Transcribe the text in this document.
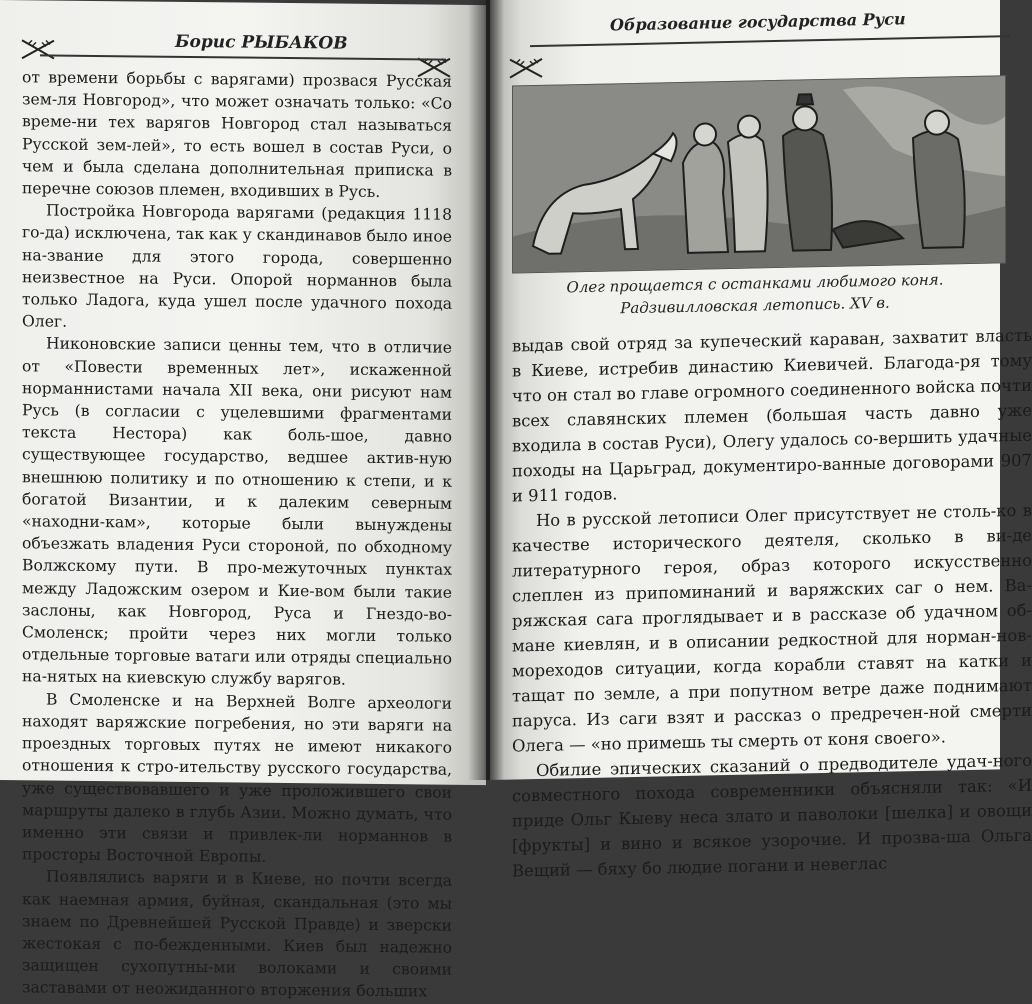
Борис РЫБАКОВ

от времени борьбы с варягами) прозвася Русская зем-ля Новгород», что может означать только: «Со време-ни тех варягов Новгород стал называться Русской зем-лей», то есть вошел в состав Руси, о чем и была сделана дополнительная приписка в перечне союзов племен, входивших в Русь.

Постройка Новгорода варягами (редакция 1118 го-да) исключена, так как у скандинавов было иное на-звание для этого города, совершенно неизвестное на Руси. Опорой норманнов была только Ладога, куда ушел после удачного похода Олег.

Никоновские записи ценны тем, что в отличие от «Повести временных лет», искаженной норманнистами начала XII века, они рисуют нам Русь (в согласии с уцелевшими фрагментами текста Нестора) как боль-шое, давно существующее государство, ведшее актив-ную внешнюю политику и по отношению к степи, и к богатой Византии, и к далеким северным «находни-кам», которые были вынуждены объезжать владения Руси стороной, по обходному Волжскому пути. В про-межуточных пунктах между Ладожским озером и Кие-вом были такие заслоны, как Новгород, Руса и Гнездо-во-Смоленск; пройти через них могли только отдельные торговые ватаги или отряды специально на-нятых на киевскую службу варягов.

В Смоленске и на Верхней Волге археологи находят варяжские погребения, но эти варяги на проездных торговых путях не имеют никакого отношения к стро-ительству русского государства, уже существовавшего и уже проложившего свои маршруты далеко в глубь Азии. Можно думать, что именно эти связи и привлек-ли норманнов в просторы Восточной Европы.

Появлялись варяги и в Киеве, но почти всегда как наемная армия, буйная, скандальная (это мы знаем по Древнейшей Русской Правде) и зверски жестокая с по-бежденными. Киев был надежно защищен сухопутны-ми волоками и своими заставами от неожиданного вторжения больших

Образование государства Руси
Олег прощается с останками любимого коня.
Радзивилловская летопись. XV в.

выдав свой отряд за купеческий караван, захватит власть в Киеве, истребив династию Киевичей. Благода-ря тому что он стал во главе огромного соединенного войска почти всех славянских племен (большая часть давно уже входила в состав Руси), Олегу удалось со-вершить удачные походы на Царьград, документиро-ванные договорами 907 и 911 годов.

Но в русской летописи Олег присутствует не столь-ко в качестве исторического деятеля, сколько в ви-де литературного героя, образ которого искусственно слеплен из припоминаний и варяжских саг о нем. Ва-ряжская сага проглядывает и в рассказе об удачном об-мане киевлян, и в описании редкостной для норман-нов-мореходов ситуации, когда корабли ставят на катки и тащат по земле, а при попутном ветре даже поднимают паруса. Из саги взят и рассказ о предречен-ной смерти Олега — «но примешь ты смерть от коня своего».

Обилие эпических сказаний о предводителе удач-ного совместного похода современники объясняли так: «И приде Ольг Кыеву неса злато и паволоки [шелка] и овощи [фрукты] и вино и всякое узорочие. И прозва-ша Ольга Вещий — бяху бо людие погани и невеглас
